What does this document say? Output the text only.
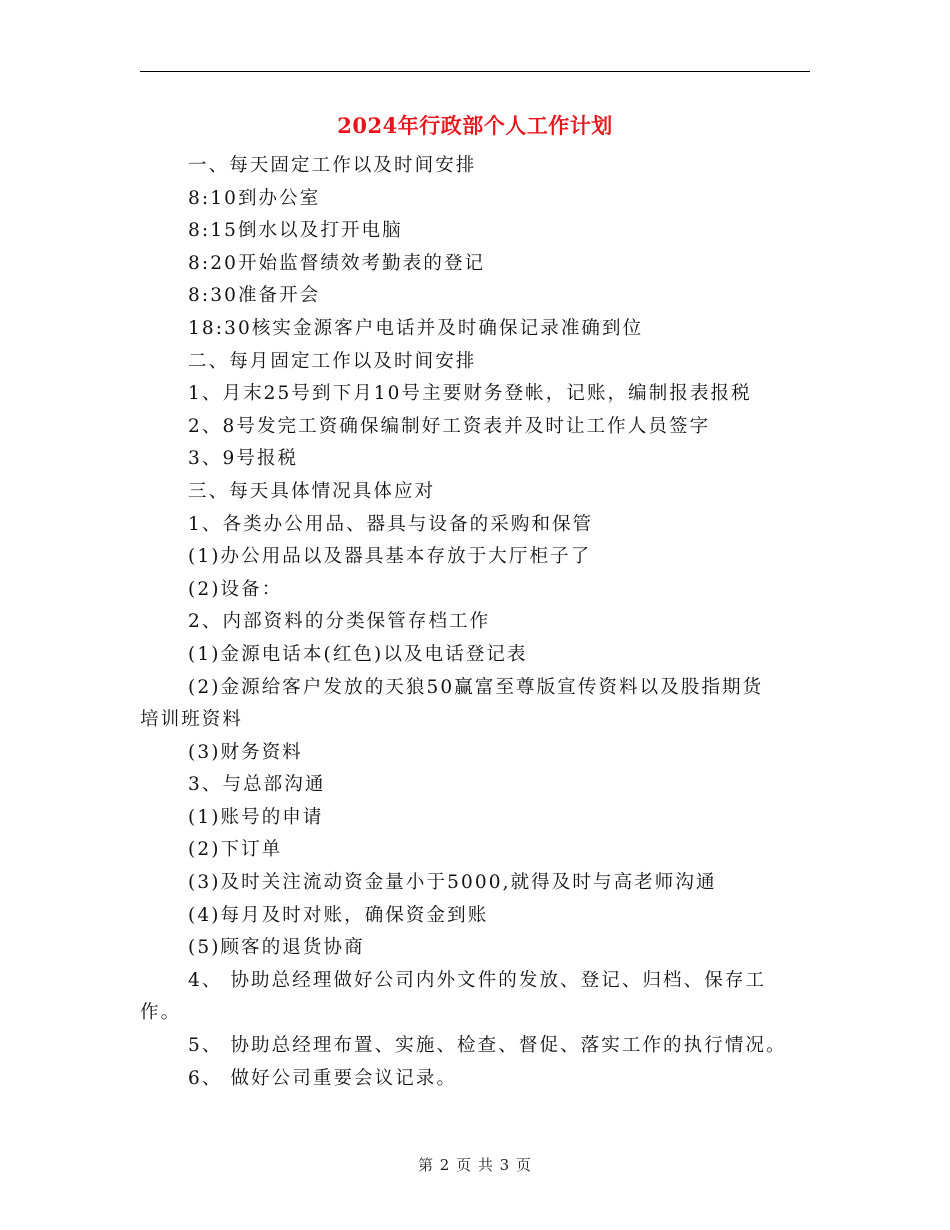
2024年行政部个人工作计划
一、每天固定工作以及时间安排
8:10到办公室
8:15倒水以及打开电脑
8:20开始监督绩效考勤表的登记
8:30准备开会
18:30核实金源客户电话并及时确保记录准确到位
二、每月固定工作以及时间安排
1、月末25号到下月10号主要财务登帐，记账，编制报表报税
2、8号发完工资确保编制好工资表并及时让工作人员签字
3、9号报税
三、每天具体情况具体应对
1、各类办公用品、器具与设备的采购和保管
(1)办公用品以及器具基本存放于大厅柜子了
(2)设备：
2、内部资料的分类保管存档工作
(1)金源电话本(红色)以及电话登记表
(2)金源给客户发放的天狼50赢富至尊版宣传资料以及股指期货
培训班资料
(3)财务资料
3、与总部沟通
(1)账号的申请
(2)下订单
(3)及时关注流动资金量小于5000,就得及时与高老师沟通
(4)每月及时对账，确保资金到账
(5)顾客的退货协商
4、 协助总经理做好公司内外文件的发放、登记、归档、保存工
作。
5、 协助总经理布置、实施、检查、督促、落实工作的执行情况。
6、 做好公司重要会议记录。
第 2 页 共 3 页
